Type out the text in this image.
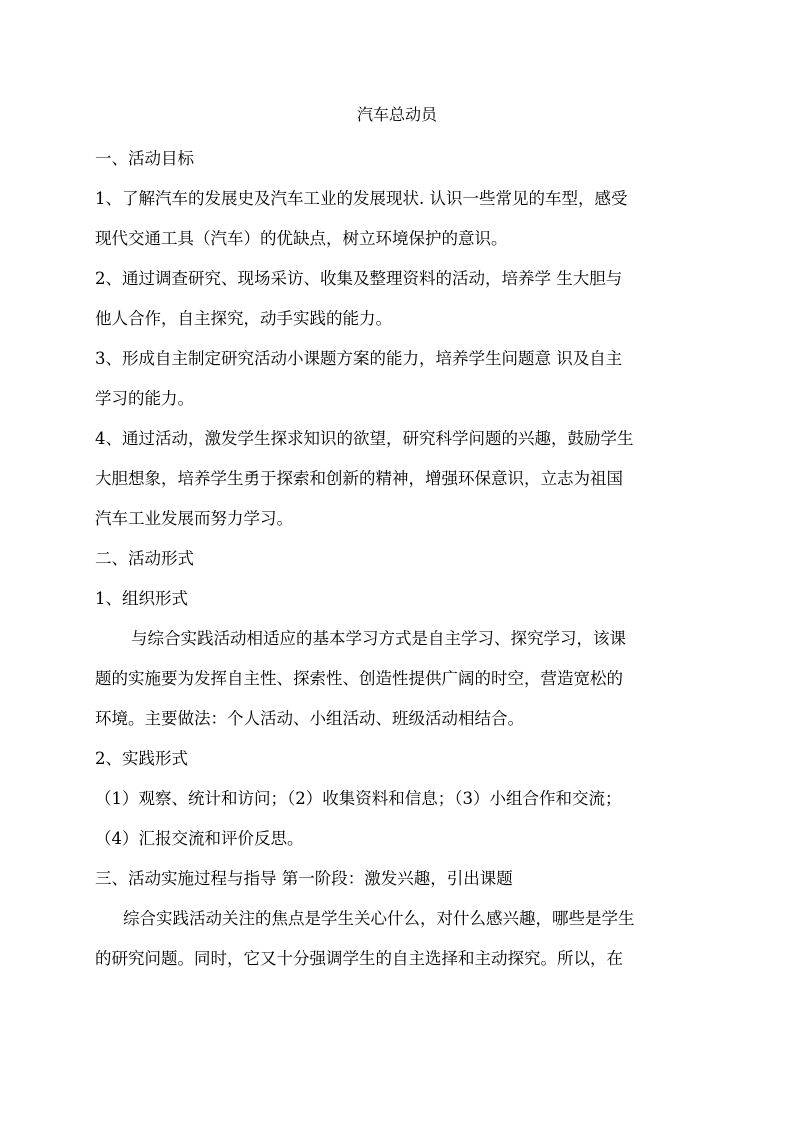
汽车总动员
一、活动目标
1、了解汽车的发展史及汽车工业的发展现状. 认识一些常见的车型，感受
现代交通工具（汽车）的优缺点，树立环境保护的意识。
2、通过调查研究、现场采访、收集及整理资料的活动，培养学 生大胆与
他人合作，自主探究，动手实践的能力。
3、形成自主制定研究活动小课题方案的能力，培养学生问题意 识及自主
学习的能力。
4、通过活动，激发学生探求知识的欲望，研究科学问题的兴趣，鼓励学生
大胆想象，培养学生勇于探索和创新的精神，增强环保意识，立志为祖国
汽车工业发展而努力学习。
二、活动形式
1、组织形式
与综合实践活动相适应的基本学习方式是自主学习、探究学习，该课
题的实施要为发挥自主性、探索性、创造性提供广阔的时空，营造宽松的
环境。主要做法：个人活动、小组活动、班级活动相结合。
2、实践形式
（1）观察、统计和访问；（2）收集资料和信息；（3）小组合作和交流；
（4）汇报交流和评价反思。
三、活动实施过程与指导 第一阶段：激发兴趣，引出课题
综合实践活动关注的焦点是学生关心什么，对什么感兴趣，哪些是学生
的研究问题。同时，它又十分强调学生的自主选择和主动探究。所以，在
